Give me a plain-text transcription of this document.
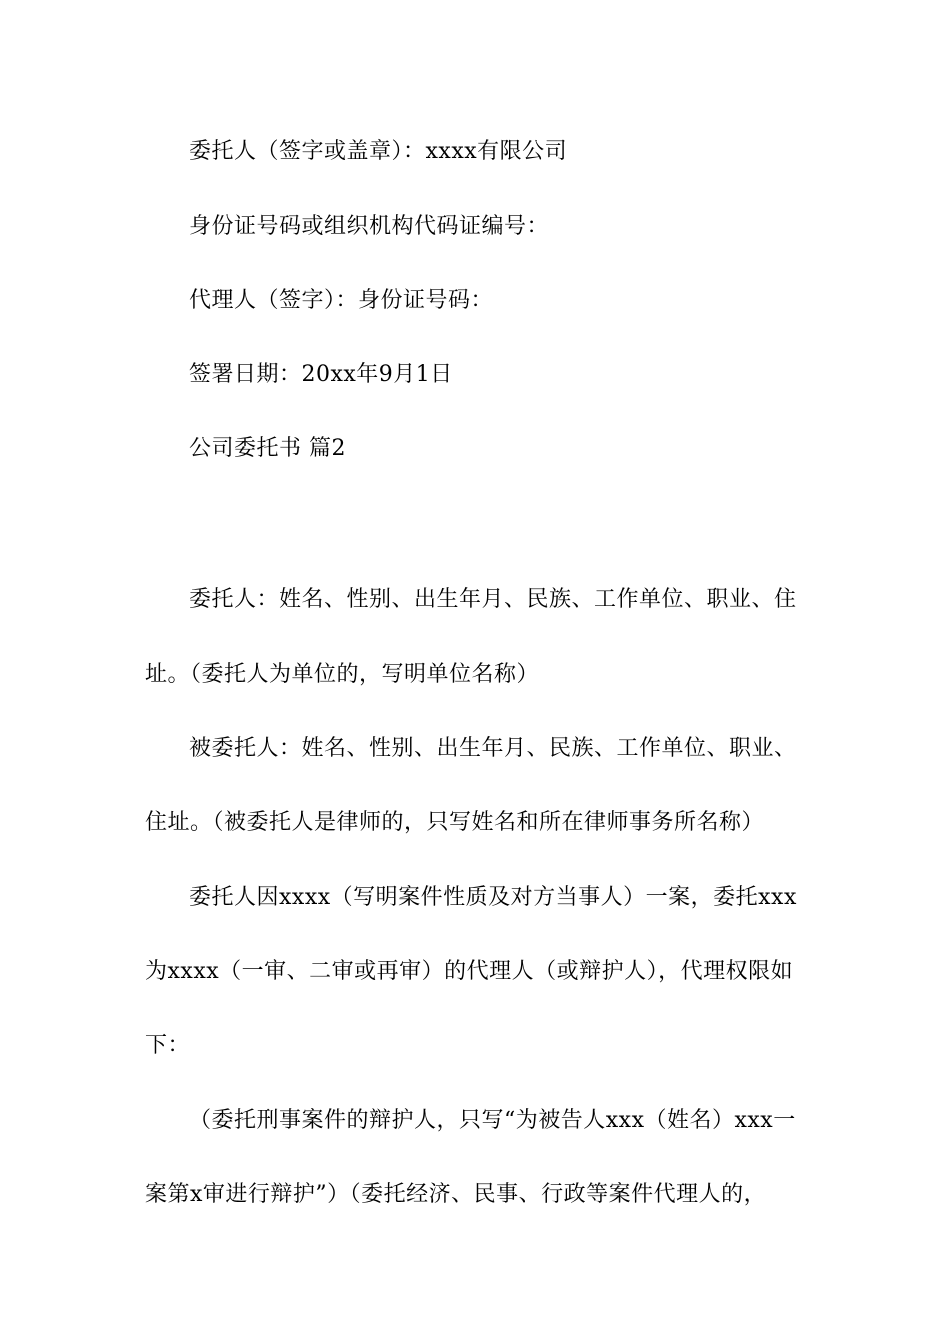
委托人（签字或盖章）：xxxx有限公司
身份证号码或组织机构代码证编号：
代理人（签字）：身份证号码：
签署日期：20xx年9月1日
公司委托书 篇2
委托人：姓名、性别、出生年月、民族、工作单位、职业、住
址。（委托人为单位的，写明单位名称）
被委托人：姓名、性别、出生年月、民族、工作单位、职业、
住址。（被委托人是律师的，只写姓名和所在律师事务所名称）
委托人因xxxx（写明案件性质及对方当事人）一案，委托xxx
为xxxx（一审、二审或再审）的代理人（或辩护人），代理权限如
下：
（委托刑事案件的辩护人，只写“为被告人xxx（姓名）xxx一
案第x审进行辩护”）（委托经济、民事、行政等案件代理人的，
